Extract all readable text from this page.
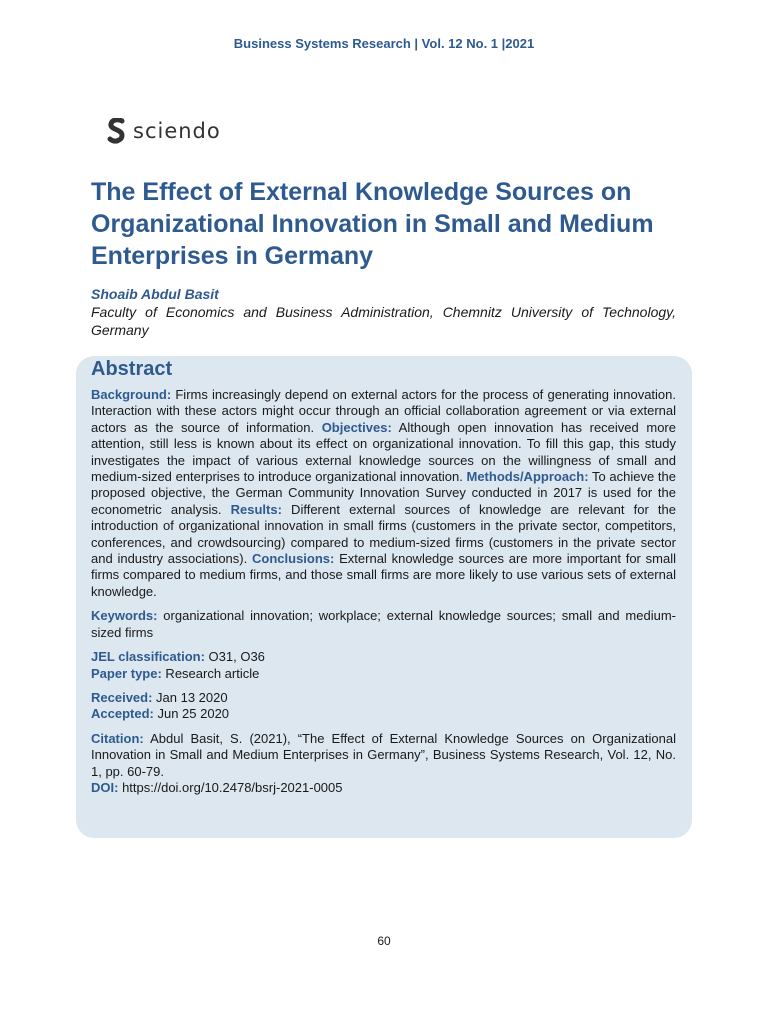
Business Systems Research | Vol. 12 No. 1 |2021
sciendo
The Effect of External Knowledge Sources on Organizational Innovation in Small and Medium Enterprises in Germany
Shoaib Abdul Basit
Faculty of Economics and Business Administration, Chemnitz University of Technology, Germany
Abstract

Background: Firms increasingly depend on external actors for the process of generating innovation. Interaction with these actors might occur through an official collaboration agreement or via external actors as the source of information. Objectives: Although open innovation has received more attention, still less is known about its effect on organizational innovation. To fill this gap, this study investigates the impact of various external knowledge sources on the willingness of small and medium-sized enterprises to introduce organizational innovation. Methods/Approach: To achieve the proposed objective, the German Community Innovation Survey conducted in 2017 is used for the econometric analysis. Results: Different external sources of knowledge are relevant for the introduction of organizational innovation in small firms (customers in the private sector, competitors, conferences, and crowdsourcing) compared to medium-sized firms (customers in the private sector and industry associations). Conclusions: External knowledge sources are more important for small firms compared to medium firms, and those small firms are more likely to use various sets of external knowledge.

Keywords: organizational innovation; workplace; external knowledge sources; small and medium-sized firms
JEL classification: O31, O36
Paper type: Research article
Received: Jan 13 2020
Accepted: Jun 25 2020
Citation: Abdul Basit, S. (2021), “The Effect of External Knowledge Sources on Organizational Innovation in Small and Medium Enterprises in Germany”, Business Systems Research, Vol. 12, No. 1, pp. 60-79.
DOI: https://doi.org/10.2478/bsrj-2021-0005
60
